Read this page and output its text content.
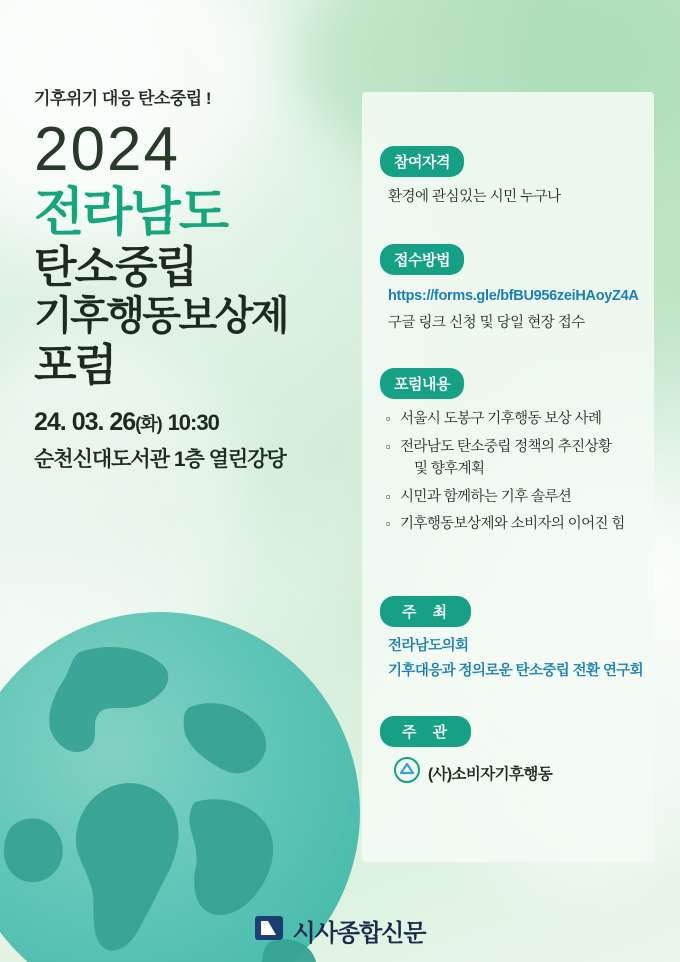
기후위기 대응 탄소중립 !
2024
전라남도
탄소중립
기후행동보상제
포럼
24. 03. 26(화) 10:30
순천신대도서관 1층 열린강당
참여자격
환경에 관심있는 시민 누구나
접수방법
https://forms.gle/bfBU956zeiHAoyZ4A
구글 링크 신청 및 당일 현장 접수
포럼내용
▫ 서울시 도봉구 기후행동 보상 사례
▫ 전라남도 탄소중립 정책의 추진상황
및 향후계획
▫ 시민과 함께하는 기후 솔루션
▫ 기후행동보상제와 소비자의 이어진 힘
주 최
전라남도의회
기후대응과 정의로운 탄소중립 전환 연구회
주 관
(사)소비자기후행동
시사종합신문
